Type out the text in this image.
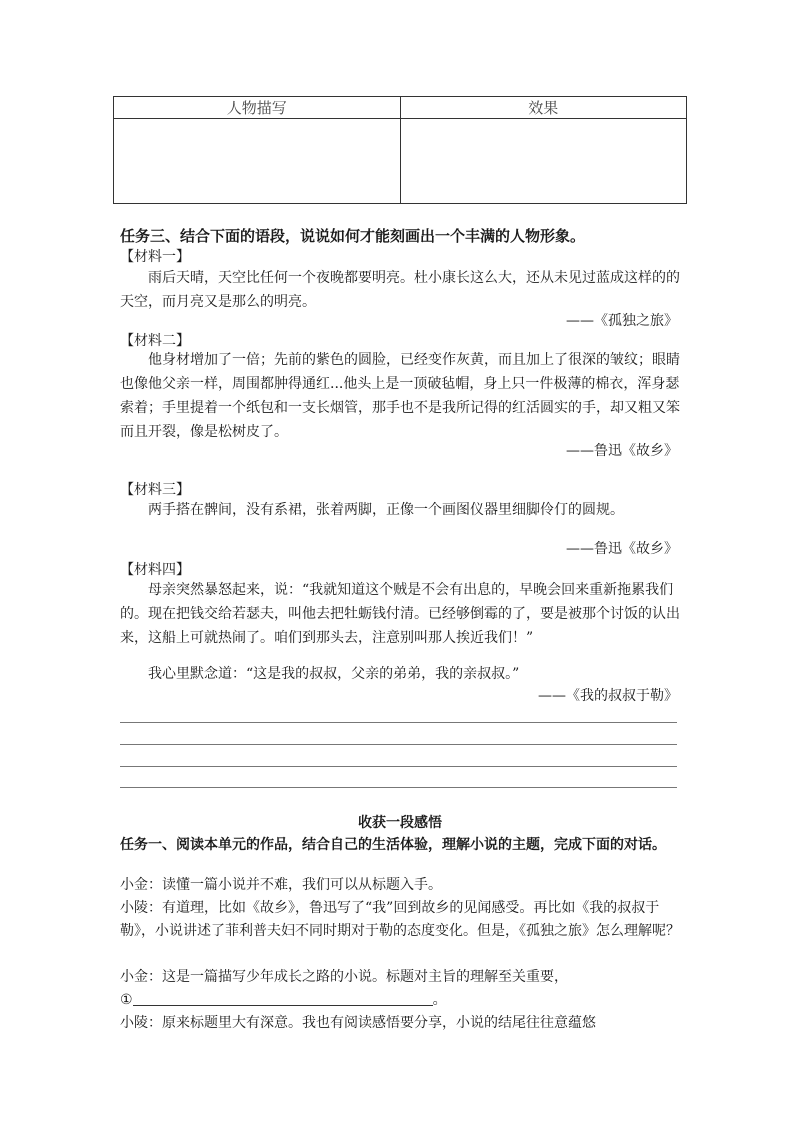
人物描写	效果

任务三、结合下面的语段，说说如何才能刻画出一个丰满的人物形象。

【材料一】

雨后天晴，天空比任何一个夜晚都要明亮。杜小康长这么大，还从未见过蓝成这样的的天空，而月亮又是那么的明亮。

——《孤独之旅》

【材料二】

他身材增加了一倍；先前的紫色的圆脸，已经变作灰黄，而且加上了很深的皱纹；眼睛也像他父亲一样，周围都肿得通红...他头上是一顶破毡帽，身上只一件极薄的棉衣，浑身瑟索着；手里提着一个纸包和一支长烟管，那手也不是我所记得的红活圆实的手，却又粗又笨而且开裂，像是松树皮了。

——鲁迅《故乡》

【材料三】

两手搭在髀间，没有系裙，张着两脚，正像一个画图仪器里细脚伶仃的圆规。

——鲁迅《故乡》

【材料四】

母亲突然暴怒起来，说：“我就知道这个贼是不会有出息的，早晚会回来重新拖累我们的。现在把钱交给若瑟夫，叫他去把牡蛎钱付清。已经够倒霉的了，要是被那个讨饭的认出来，这船上可就热闹了。咱们到那头去，注意别叫那人挨近我们！”

我心里默念道：“这是我的叔叔，父亲的弟弟，我的亲叔叔。”

——《我的叔叔于勒》
收获一段感悟

任务一、阅读本单元的作品，结合自己的生活体验，理解小说的主题，完成下面的对话。

小金：读懂一篇小说并不难，我们可以从标题入手。

小陵：有道理，比如《故乡》，鲁迅写了“我”回到故乡的见闻感受。再比如《我的叔叔于勒》，小说讲述了菲利普夫妇不同时期对于勒的态度变化。但是，《孤独之旅》怎么理解呢？

小金：这是一篇描写少年成长之路的小说。标题对主旨的理解至关重要，

①	。

小陵：原来标题里大有深意。我也有阅读感悟要分享，小说的结尾往往意蕴悠
